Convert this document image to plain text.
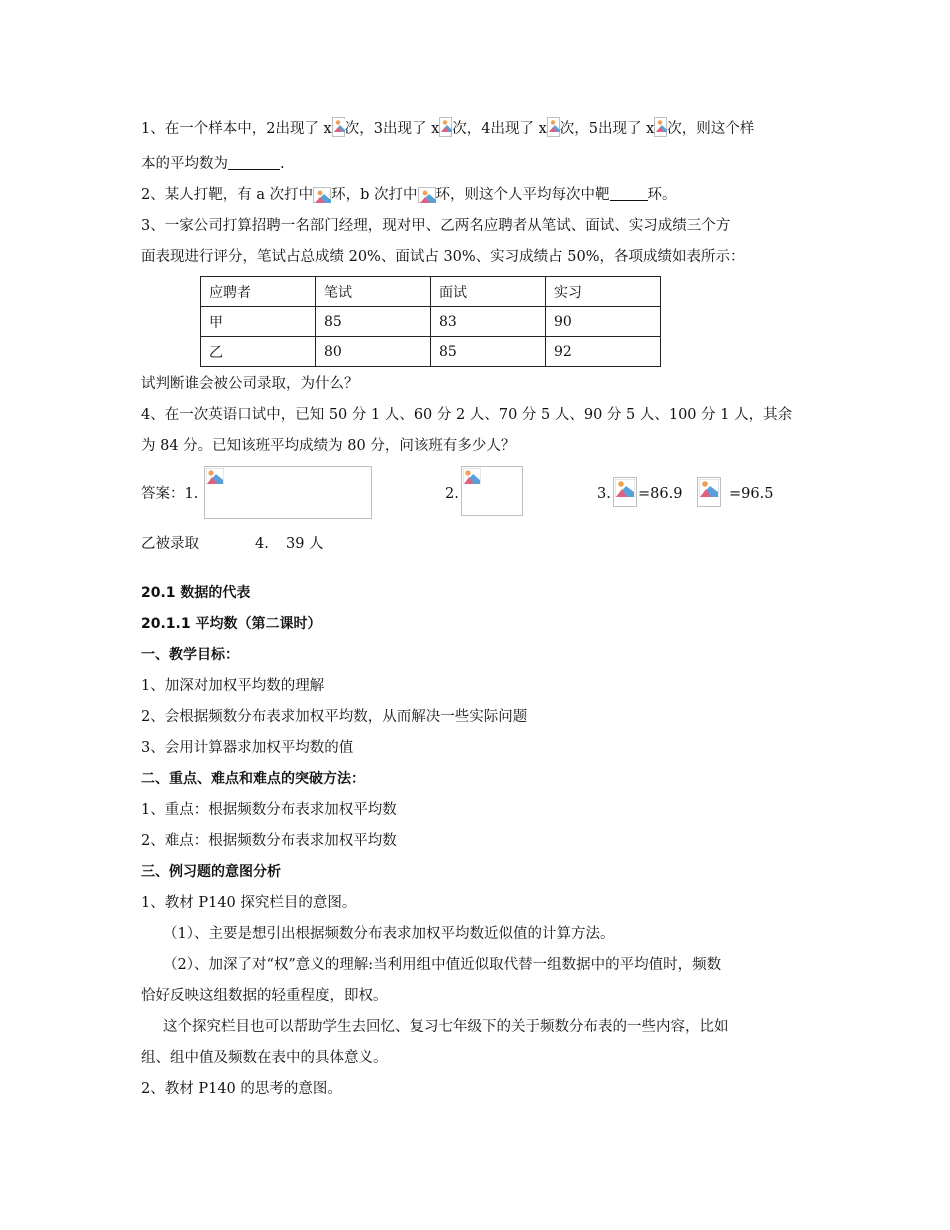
1、在一个样本中，2出现了 x 次，3出现了 x 次，4出现了 x 次，5出现了 x 次，则这个样
本的平均数为	.
2、某人打靶，有 a 次打中 环，b 次打中 环，则这个人平均每次中靶	环。
3、一家公司打算招聘一名部门经理，现对甲、乙两名应聘者从笔试、面试、实习成绩三个方
面表现进行评分，笔试占总成绩 20%、面试占 30%、实习成绩占 50%，各项成绩如表所示：
应聘者	笔试	面试	实习
甲	85	83	90
乙	80	85	92
试判断谁会被公司录取，为什么？
4、在一次英语口试中，已知 50 分 1 人、60 分 2 人、70 分 5 人、90 分 5 人、100 分 1 人，其余
为 84 分。已知该班平均成绩为 80 分，问该班有多少人？
答案：1.	2.	3. =86.9	=96.5
乙被录取	4. 39 人
20.1 数据的代表
20.1.1 平均数（第二课时）
一、教学目标：
1、加深对加权平均数的理解
2、会根据频数分布表求加权平均数，从而解决一些实际问题
3、会用计算器求加权平均数的值
二、重点、难点和难点的突破方法：
1、重点：根据频数分布表求加权平均数
2、难点：根据频数分布表求加权平均数
三、例习题的意图分析
1、教材 P140 探究栏目的意图。
（1）、主要是想引出根据频数分布表求加权平均数近似值的计算方法。
（2）、加深了对“权”意义的理解:当利用组中值近似取代替一组数据中的平均值时，频数
恰好反映这组数据的轻重程度，即权。
这个探究栏目也可以帮助学生去回忆、复习七年级下的关于频数分布表的一些内容，比如
组、组中值及频数在表中的具体意义。
2、教材 P140 的思考的意图。
